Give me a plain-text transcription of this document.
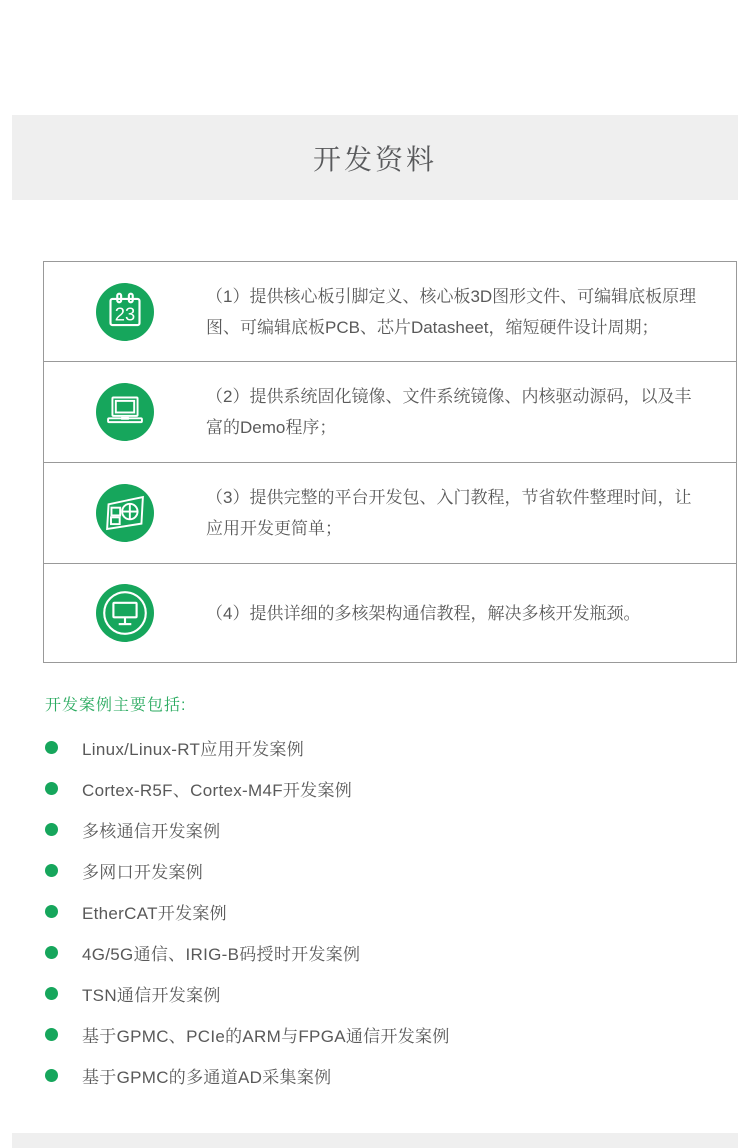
开发资料
23
（1）提供核心板引脚定义、核心板3D图形文件、可编辑底板原理图、可编辑底板PCB、芯片Datasheet，缩短硬件设计周期；
（2）提供系统固化镜像、文件系统镜像、内核驱动源码，以及丰富的Demo程序；
（3）提供完整的平台开发包、入门教程，节省软件整理时间，让应用开发更简单；
（4）提供详细的多核架构通信教程，解决多核开发瓶颈。
开发案例主要包括:
Linux/Linux-RT应用开发案例
Cortex-R5F、Cortex-M4F开发案例
多核通信开发案例
多网口开发案例
EtherCAT开发案例
4G/5G通信、IRIG-B码授时开发案例
TSN通信开发案例
基于GPMC、PCIe的ARM与FPGA通信开发案例
基于GPMC的多通道AD采集案例
